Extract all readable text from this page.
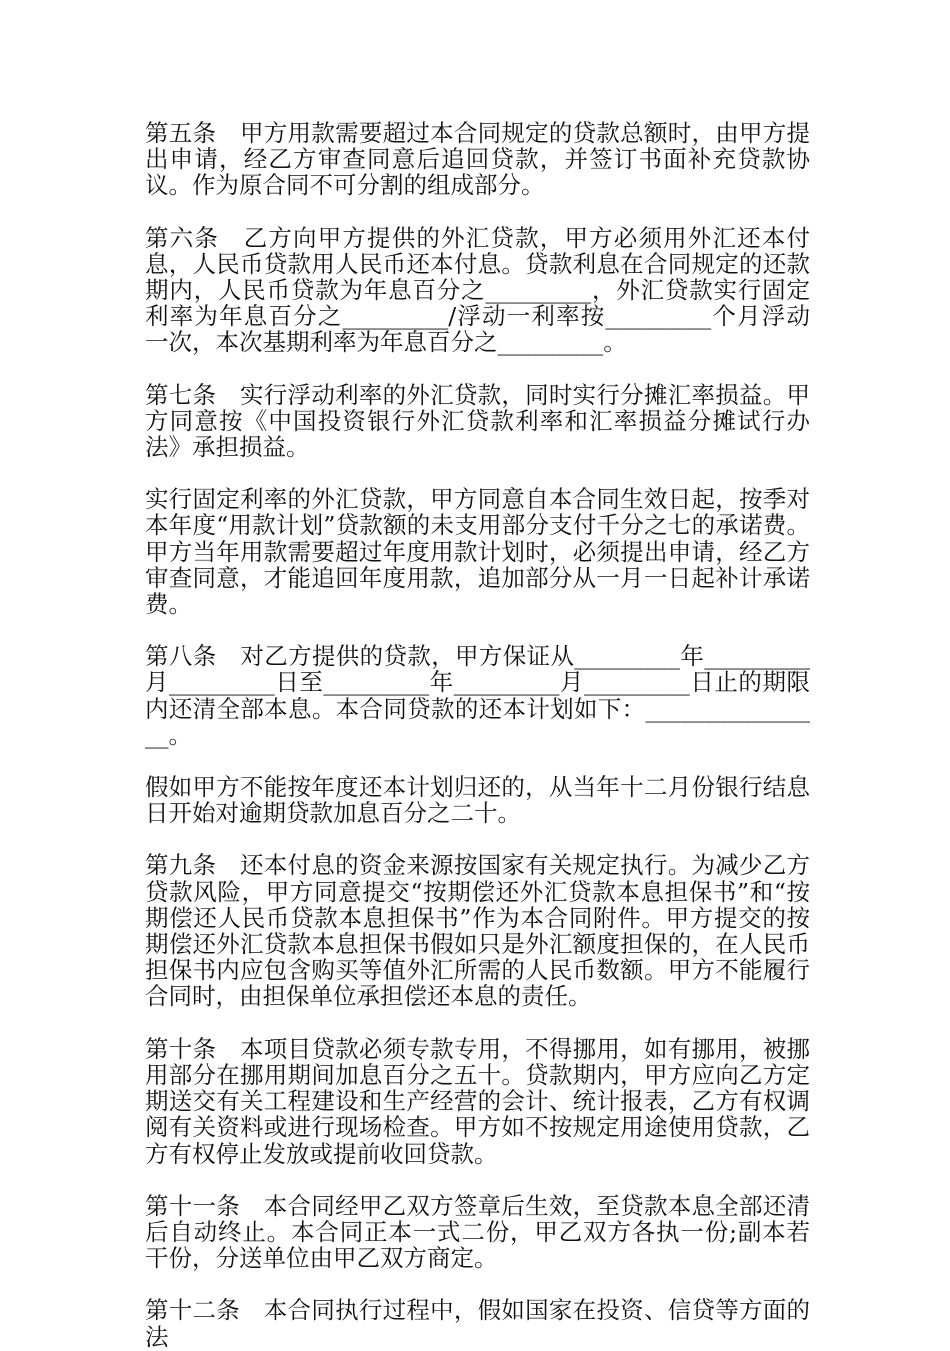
第五条　甲方用款需要超过本合同规定的贷款总额时，由甲方提出申请，经乙方审查同意后追回贷款，并签订书面补充贷款协议。作为原合同不可分割的组成部分。

第六条　乙方向甲方提供的外汇贷款，甲方必须用外汇还本付息，人民币贷款用人民币还本付息。贷款利息在合同规定的还款期内，人民币贷款为年息百分之_________，外汇贷款实行固定利率为年息百分之_________/浮动一利率按_________个月浮动一次，本次基期利率为年息百分之_________。

第七条　实行浮动利率的外汇贷款，同时实行分摊汇率损益。甲方同意按《中国投资银行外汇贷款利率和汇率损益分摊试行办法》承担损益。

实行固定利率的外汇贷款，甲方同意自本合同生效日起，按季对本年度“用款计划”贷款额的未支用部分支付千分之七的承诺费。甲方当年用款需要超过年度用款计划时，必须提出申请，经乙方审查同意，才能追回年度用款，追加部分从一月一日起补计承诺费。

第八条　对乙方提供的贷款，甲方保证从_________年_________月_________日至_________年_________月_________日止的期限内还清全部本息。本合同贷款的还本计划如下：________________。

假如甲方不能按年度还本计划归还的，从当年十二月份银行结息日开始对逾期贷款加息百分之二十。

第九条　还本付息的资金来源按国家有关规定执行。为减少乙方贷款风险，甲方同意提交“按期偿还外汇贷款本息担保书”和“按期偿还人民币贷款本息担保书”作为本合同附件。甲方提交的按期偿还外汇贷款本息担保书假如只是外汇额度担保的，在人民币担保书内应包含购买等值外汇所需的人民币数额。甲方不能履行合同时，由担保单位承担偿还本息的责任。

第十条　本项目贷款必须专款专用，不得挪用，如有挪用，被挪用部分在挪用期间加息百分之五十。贷款期内，甲方应向乙方定期送交有关工程建设和生产经营的会计、统计报表，乙方有权调阅有关资料或进行现场检查。甲方如不按规定用途使用贷款，乙方有权停止发放或提前收回贷款。

第十一条　本合同经甲乙双方签章后生效，至贷款本息全部还清后自动终止。本合同正本一式二份，甲乙双方各执一份;副本若干份，分送单位由甲乙双方商定。

第十二条　本合同执行过程中，假如国家在投资、信贷等方面的法
